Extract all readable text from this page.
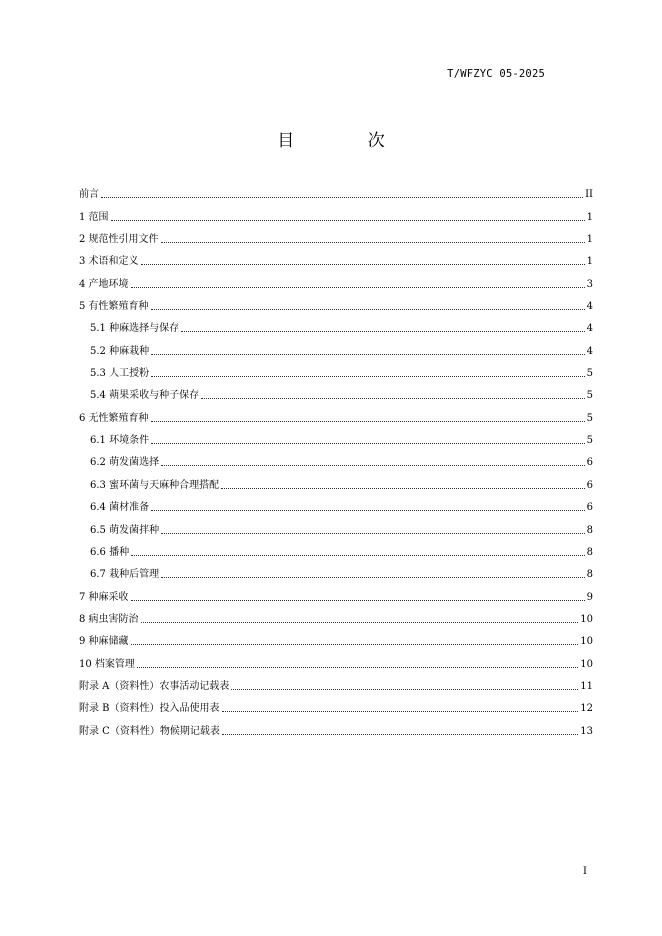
T/WFZYC 05-2025
目 次
前言	II
1 范围	1
2 规范性引用文件	1
3 术语和定义	1
4 产地环境	3
5 有性繁殖育种	4
5.1 种麻选择与保存	4
5.2 种麻栽种	4
5.3 人工授粉	5
5.4 蒴果采收与种子保存	5
6 无性繁殖育种	5
6.1 环境条件	5
6.2 萌发菌选择	6
6.3 蜜环菌与天麻种合理搭配	6
6.4 菌材准备	6
6.5 萌发菌拌种	8
6.6 播种	8
6.7 栽种后管理	8
7 种麻采收	9
8 病虫害防治	10
9 种麻储藏	10
10 档案管理	10
附录 A（资料性）农事活动记载表	11
附录 B（资料性）投入品使用表	12
附录 C（资料性）物候期记载表	13
I
